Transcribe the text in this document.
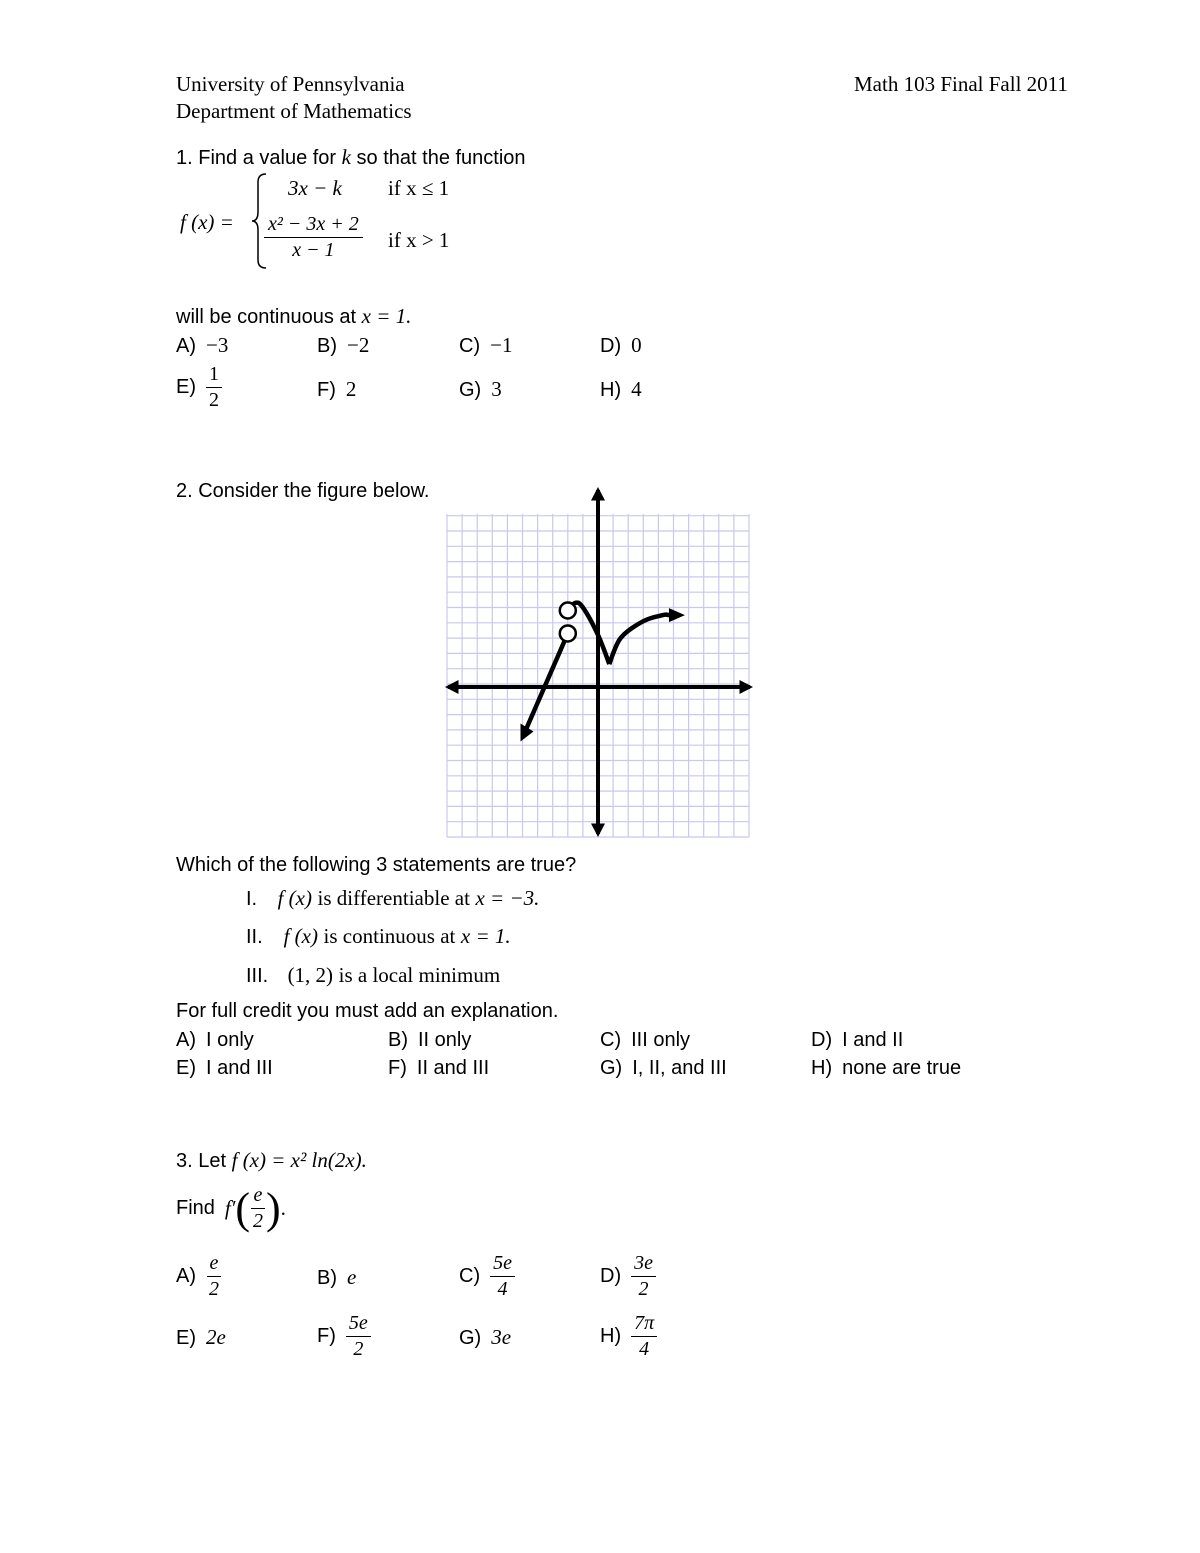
University of Pennsylvania
Department of Mathematics
Math 103 Final Fall 2011
1. Find a value for k so that the function
f (x) =
3x − k if x ≤ 1
$\frac{\text{x² − 3x + 2}}{x - 1}$ if x > 1
will be continuous at x = 1.
A) −3	B) −2	C) −1	D) 0
$E) \frac{1}{2}$	F) 2	G) 3	H) 4
2. Consider the figure below.
Which of the following 3 statements are true?
I. f (x) is differentiable at x = −3.
II. f (x) is continuous at x = 1.
III. (1, 2) is a local minimum
For full credit you must add an explanation.
A) I only	B) II only	C) III only	D) I and II
E) I and III	F) II and III	G) I, II, and III	H) none are true
3. Let f (x) = x² ln(2x).
Find f′ ( $\frac{e}{2}$ ) .
$A) \frac{e}{2}$	B) e	$C) \frac{5e}{4}$	$D) \frac{3e}{2}$
E) 2e	$F) \frac{5e}{2}$	G) 3e	$H) \frac{7\pi}{4}$
